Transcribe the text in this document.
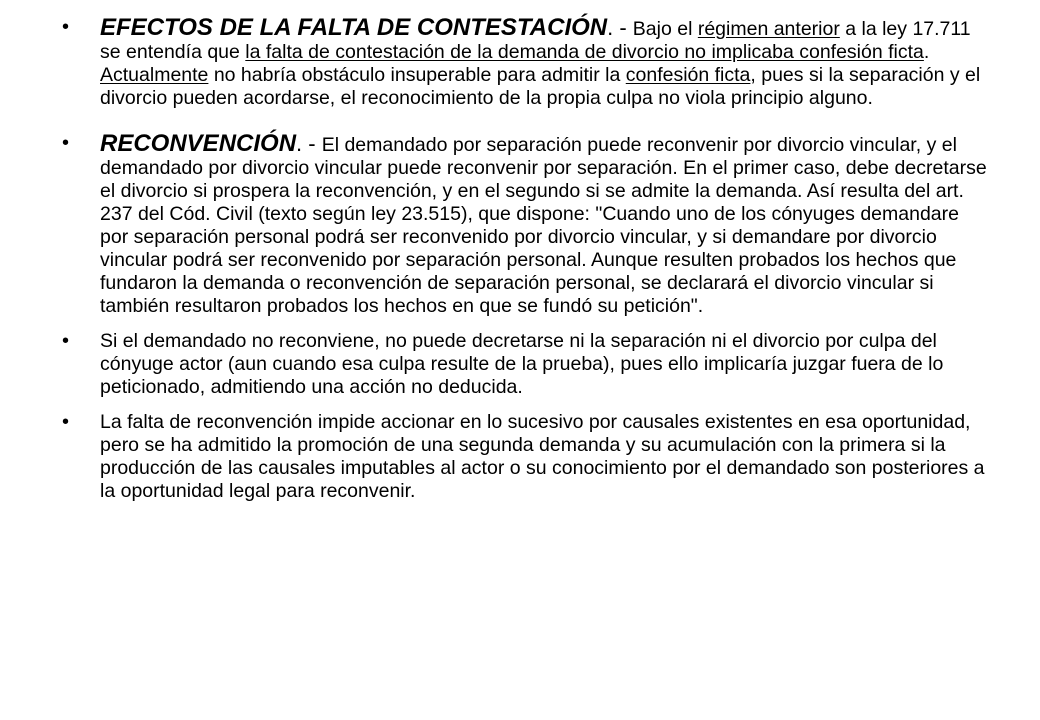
• EFECTOS DE LA FALTA DE CONTESTACIÓN. - Bajo el régimen anterior a la ley 17.711 se entendía que la falta de contestación de la demanda de divorcio no implicaba confesión ficta. Actualmente no habría obstáculo insuperable para admitir la confesión ficta, pues si la separación y el divorcio pueden acordarse, el reconocimiento de la propia culpa no viola principio alguno.
• RECONVENCIÓN. - El demandado por separación puede reconvenir por divorcio vincular, y el demandado por divorcio vincular puede reconvenir por separación. En el primer caso, debe decretarse el divorcio si prospera la reconvención, y en el segundo si se admite la demanda. Así resulta del art. 237 del Cód. Civil (texto según ley 23.515), que dispone: "Cuando uno de los cónyuges demandare por separación personal podrá ser reconvenido por divorcio vincular, y si demandare por divorcio vincular podrá ser reconvenido por separación personal. Aunque resulten probados los hechos que fundaron la demanda o reconvención de separación personal, se declarará el divorcio vincular si también resultaron probados los hechos en que se fundó su petición".
• Si el demandado no reconviene, no puede decretarse ni la separación ni el divorcio por culpa del cónyuge actor (aun cuando esa culpa resulte de la prueba), pues ello implicaría juzgar fuera de lo peticionado, admitiendo una acción no deducida.
• La falta de reconvención impide accionar en lo sucesivo por causales existentes en esa oportunidad, pero se ha admitido la promoción de una segunda demanda y su acumulación con la primera si la producción de las causales imputables al actor o su conocimiento por el demandado son posteriores a la oportunidad legal para reconvenir.
